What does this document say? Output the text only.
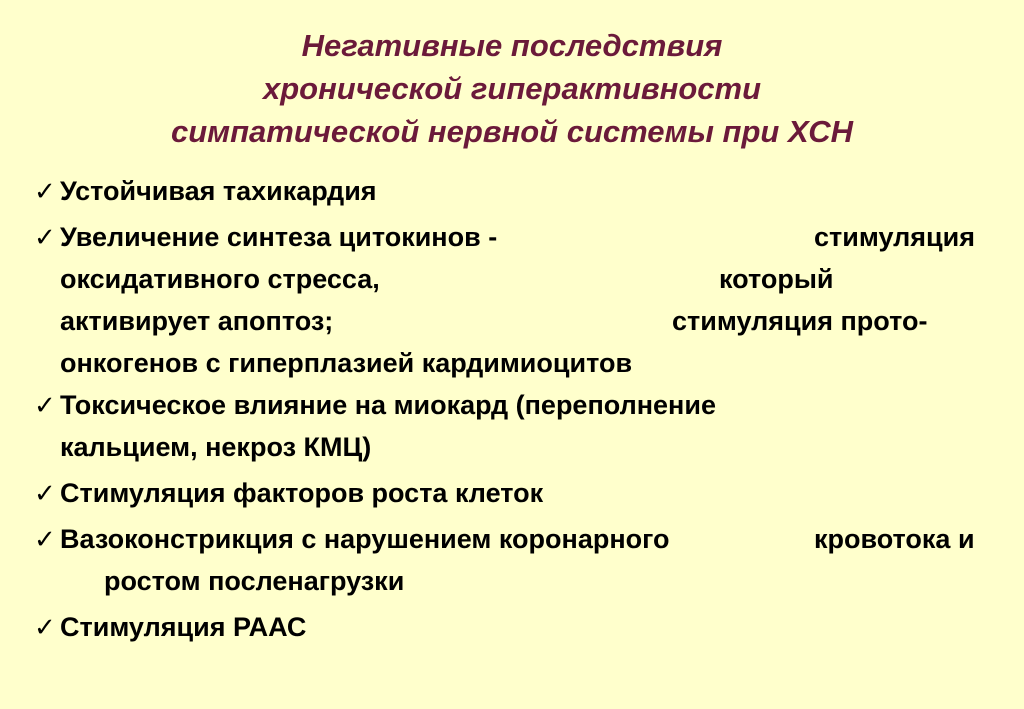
Негативные последствия
хронической гиперактивности
симпатической нервной системы при ХСН
✓ Устойчивая тахикардия
✓ Увеличение синтеза цитокинов -	стимуляция
оксидативного стресса,	который
активирует апоптоз;	стимуляция прото-
онкогенов с гиперплазией кардимиоцитов
✓ Токсическое влияние на миокард (переполнение
кальцием, некроз КМЦ)
✓ Стимуляция факторов роста клеток
✓ Вазоконстрикция с нарушением коронарного	кровотока и
ростом посленагрузки
✓ Стимуляция РААС
